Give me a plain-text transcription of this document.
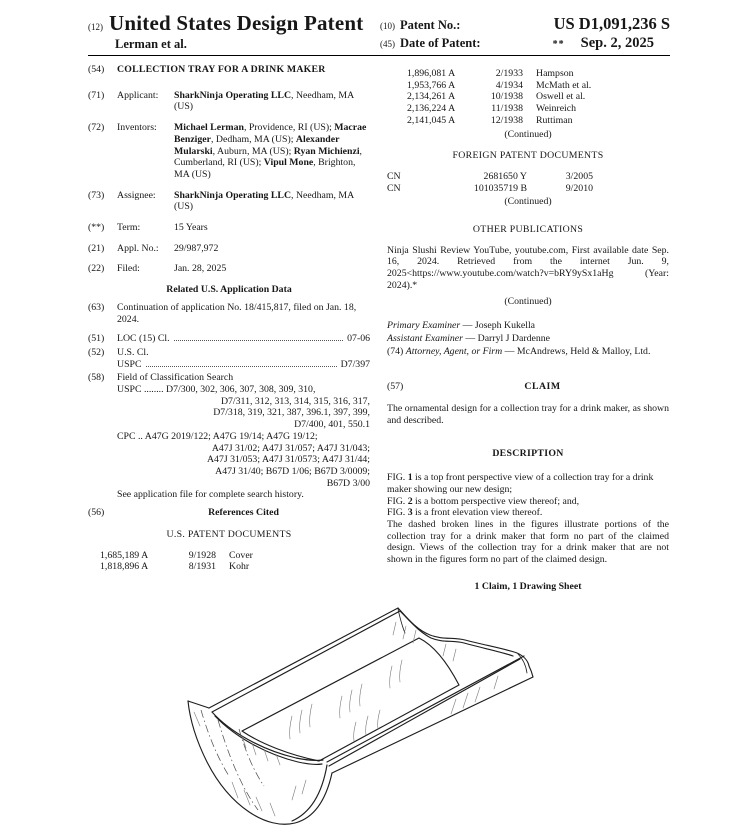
(12) United States Design Patent
Lerman et al.
(10) Patent No.:	US D1,091,236 S
(45) Date of Patent:	** Sep. 2, 2025
(54)	COLLECTION TRAY FOR A DRINK MAKER
(71)	Applicant:	SharkNinja Operating LLC, Needham, MA (US)
(72)	Inventors:	Michael Lerman, Providence, RI (US); Macrae Benziger, Dedham, MA (US); Alexander Mularski, Auburn, MA (US); Ryan Michienzi, Cumberland, RI (US); Vipul Mone, Brighton, MA (US)
(73)	Assignee:	SharkNinja Operating LLC, Needham, MA (US)
(**)	Term:	15 Years
(21)	Appl. No.:	29/987,972
(22)	Filed:	Jan. 28, 2025
Related U.S. Application Data
(63)	Continuation of application No. 18/415,817, filed on Jan. 18, 2024.
(51)	LOC (15) Cl.	07-06
(52)	U.S. Cl.
USPC	D7/397
(58)	Field of Classification Search
USPC ........ D7/300, 302, 306, 307, 308, 309, 310,
D7/311, 312, 313, 314, 315, 316, 317,
D7/318, 319, 321, 387, 396.1, 397, 399,
D7/400, 401, 550.1
CPC .. A47G 2019/122; A47G 19/14; A47G 19/12;
A47J 31/02; A47J 31/057; A47J 31/043;
A47J 31/053; A47J 31/0573; A47J 31/44;
A47J 31/40; B67D 1/06; B67D 3/0009;
B67D 3/00
See application file for complete search history.
(56)	References Cited
U.S. PATENT DOCUMENTS
1,685,189 A	9/1928 Cover
1,818,896 A	8/1931 Kohr
1,896,081 A	2/1933 Hampson
1,953,766 A	4/1934 McMath et al.
2,134,261 A	10/1938 Oswell et al.
2,136,224 A	11/1938 Weinreich
2,141,045 A	12/1938 Ruttiman
(Continued)
FOREIGN PATENT DOCUMENTS
CN	2681650 Y	3/2005
CN	101035719 B	9/2010
(Continued)
OTHER PUBLICATIONS
Ninja Slushi Review YouTube, youtube.com, First available date Sep. 16, 2024. Retrieved from the internet Jun. 9, 2025<https://www.youtube.com/watch?v=bRY9ySx1aHg (Year: 2024).*
(Continued)
Primary Examiner — Joseph Kukella
Assistant Examiner — Darryl J Dardenne
(74) Attorney, Agent, or Firm — McAndrews, Held & Malloy, Ltd.
(57)	CLAIM
The ornamental design for a collection tray for a drink maker, as shown and described.
DESCRIPTION
FIG. 1 is a top front perspective view of a collection tray for a drink maker showing our new design;
FIG. 2 is a bottom perspective view thereof; and,
FIG. 3 is a front elevation view thereof.
The dashed broken lines in the figures illustrate portions of the collection tray for a drink maker that form no part of the claimed design. Views of the collection tray for a drink maker that are not shown in the figures form no part of the claimed design.
1 Claim, 1 Drawing Sheet
